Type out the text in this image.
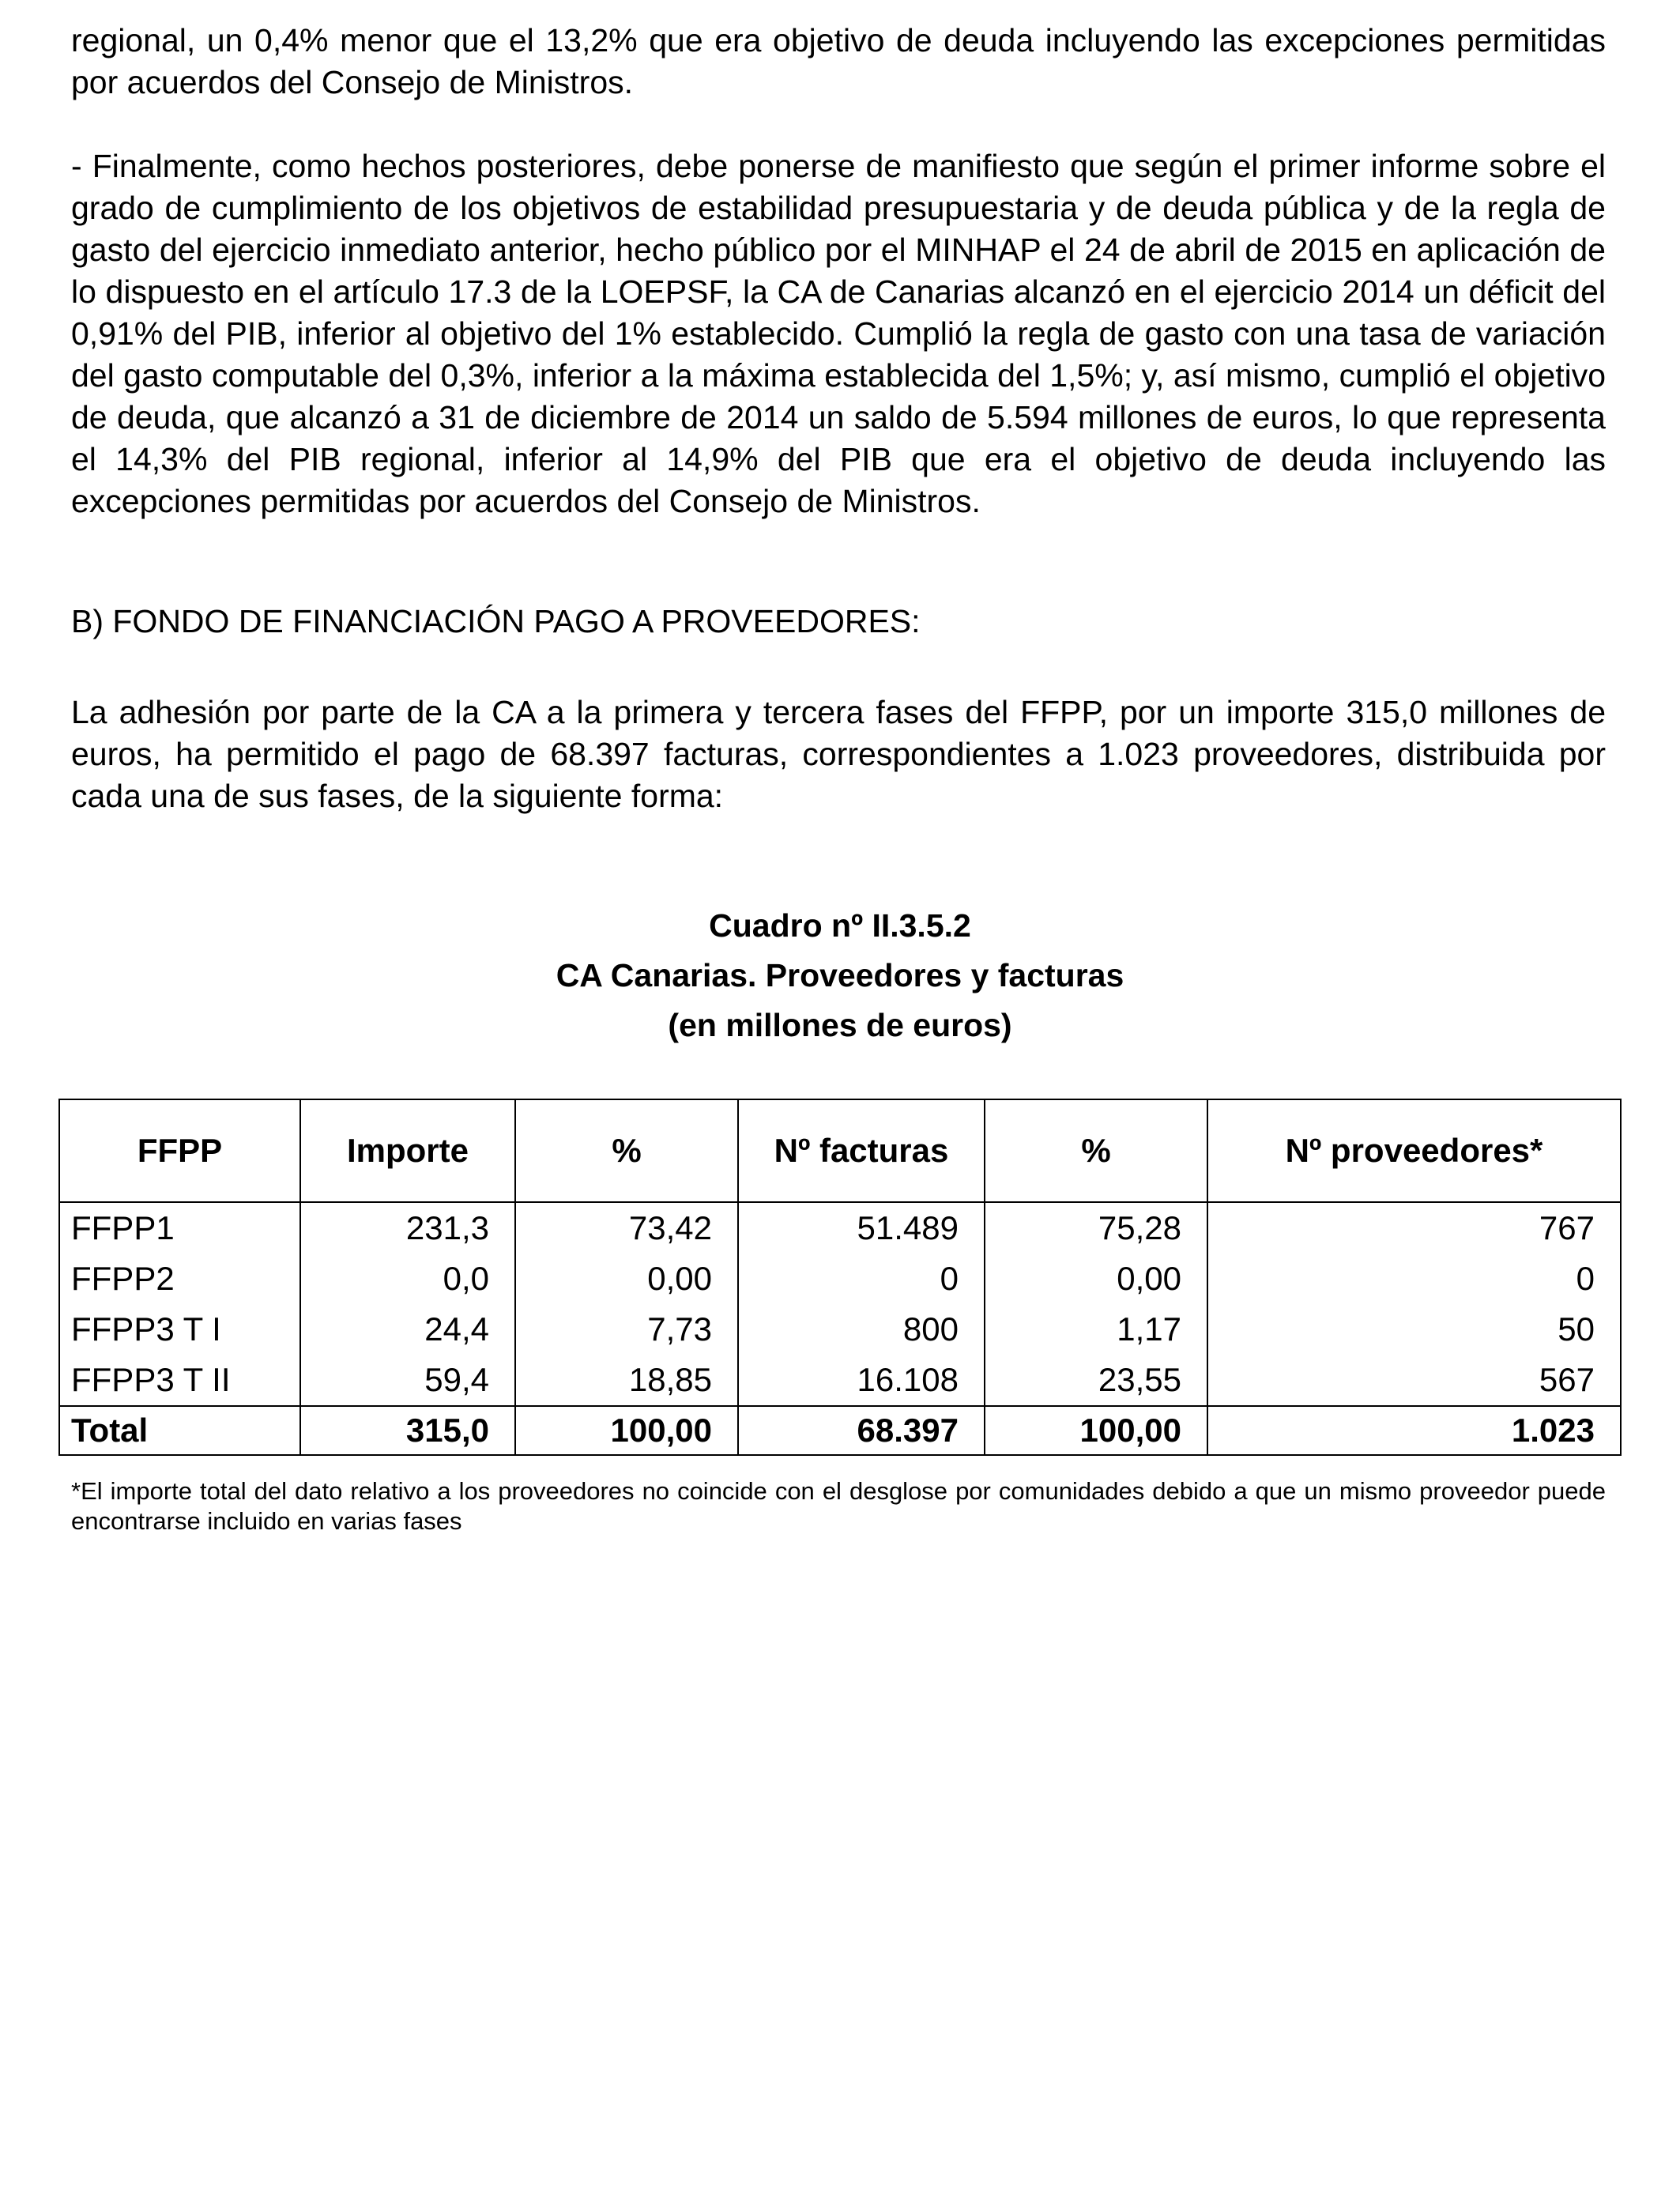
regional, un 0,4% menor que el 13,2% que era objetivo de deuda incluyendo las excepciones permitidas por acuerdos del Consejo de Ministros.

- Finalmente, como hechos posteriores, debe ponerse de manifiesto que según el primer informe sobre el grado de cumplimiento de los objetivos de estabilidad presupuestaria y de deuda pública y de la regla de gasto del ejercicio inmediato anterior, hecho público por el MINHAP el 24 de abril de 2015 en aplicación de lo dispuesto en el artículo 17.3 de la LOEPSF, la CA de Canarias alcanzó en el ejercicio 2014 un déficit del 0,91% del PIB, inferior al objetivo del 1% establecido. Cumplió la regla de gasto con una tasa de variación del gasto computable del 0,3%, inferior a la máxima establecida del 1,5%; y, así mismo, cumplió el objetivo de deuda, que alcanzó a 31 de diciembre de 2014 un saldo de 5.594 millones de euros, lo que representa el 14,3% del PIB regional, inferior al 14,9% del PIB que era el objetivo de deuda incluyendo las excepciones permitidas por acuerdos del Consejo de Ministros.

B) FONDO DE FINANCIACIÓN PAGO A PROVEEDORES:

La adhesión por parte de la CA a la primera y tercera fases del FFPP, por un importe 315,0 millones de euros, ha permitido el pago de 68.397 facturas, correspondientes a 1.023 proveedores, distribuida por cada una de sus fases, de la siguiente forma:

Cuadro nº II.3.5.2
CA Canarias. Proveedores y facturas
(en millones de euros)
FFPP	Importe	%	Nº facturas	%	Nº proveedores*
FFPP1	231,3	73,42	51.489	75,28	767
FFPP2	0,0	0,00	0	0,00	0
FFPP3 T I	24,4	7,73	800	1,17	50
FFPP3 T II	59,4	18,85	16.108	23,55	567
Total	315,0	100,00	68.397	100,00	1.023

*El importe total del dato relativo a los proveedores no coincide con el desglose por comunidades debido a que un mismo proveedor puede encontrarse incluido en varias fases
